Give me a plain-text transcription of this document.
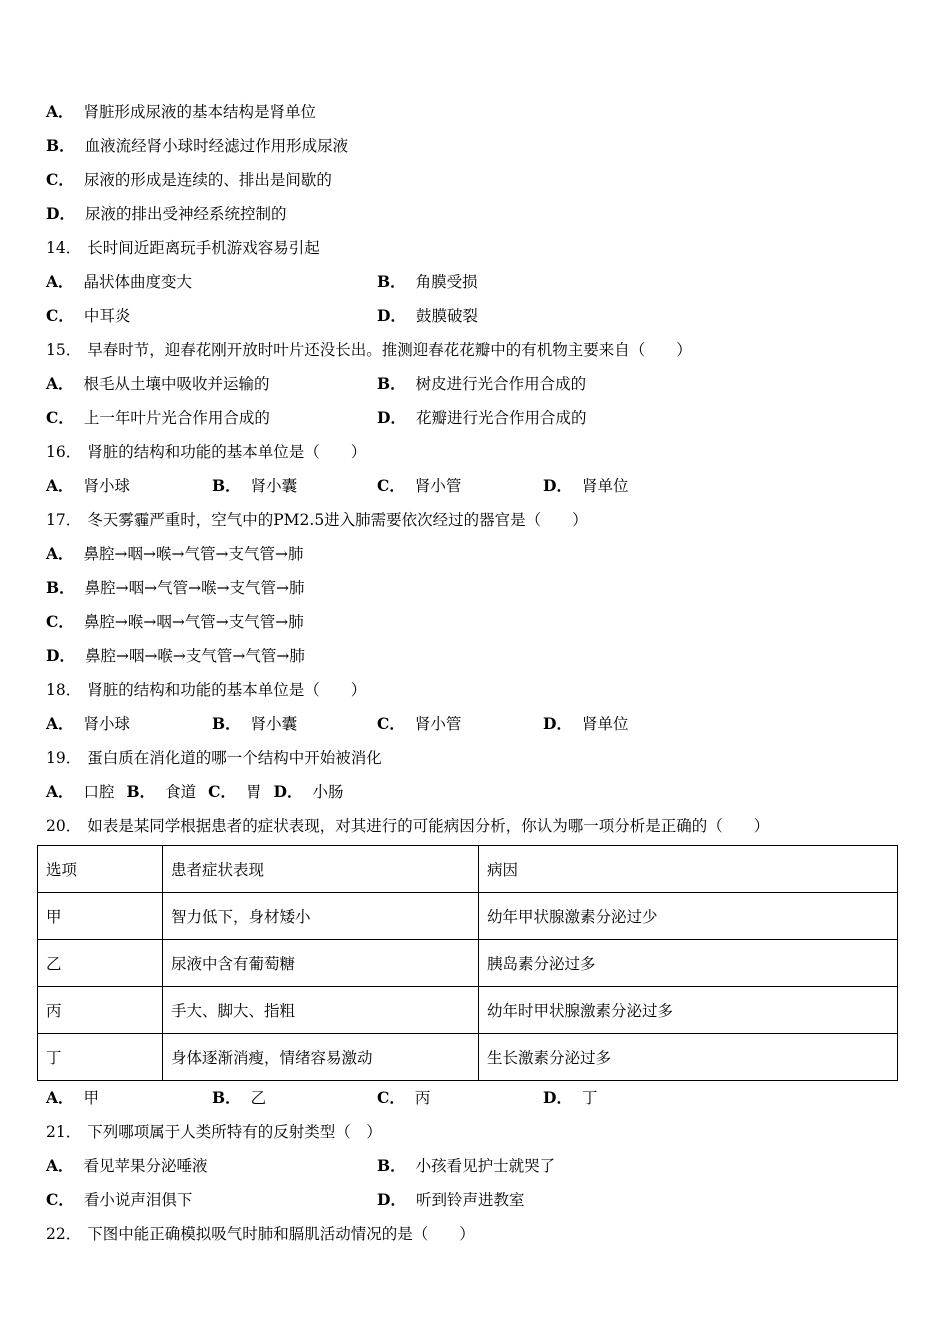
A． 肾脏形成尿液的基本结构是肾单位
B． 血液流经肾小球时经滤过作用形成尿液
C． 尿液的形成是连续的、排出是间歇的
D． 尿液的排出受神经系统控制的
14． 长时间近距离玩手机游戏容易引起
A． 晶状体曲度变大	B． 角膜受损
C． 中耳炎	D． 鼓膜破裂
15． 早春时节，迎春花刚开放时叶片还没长出。推测迎春花花瓣中的有机物主要来自（　　）
A． 根毛从土壤中吸收并运输的	B． 树皮进行光合作用合成的
C． 上一年叶片光合作用合成的	D． 花瓣进行光合作用合成的
16． 肾脏的结构和功能的基本单位是（　　）
A． 肾小球	B． 肾小囊	C． 肾小管	D． 肾单位
17． 冬天雾霾严重时，空气中的PM2.5进入肺需要依次经过的器官是（　　）
A． 鼻腔→咽→喉→气管→支气管→肺
B． 鼻腔→咽→气管→喉→支气管→肺
C． 鼻腔→喉→咽→气管→支气管→肺
D． 鼻腔→咽→喉→支气管→气管→肺
18． 肾脏的结构和功能的基本单位是（　　）
A． 肾小球	B． 肾小囊	C． 肾小管	D． 肾单位
19． 蛋白质在消化道的哪一个结构中开始被消化
A． 口腔 B． 食道 C． 胃 D． 小肠
20． 如表是某同学根据患者的症状表现，对其进行的可能病因分析，你认为哪一项分析是正确的（　　）
选项	患者症状表现	病因
甲	智力低下，身材矮小	幼年甲状腺激素分泌过少
乙	尿液中含有葡萄糖	胰岛素分泌过多
丙	手大、脚大、指粗	幼年时甲状腺激素分泌过多
丁	身体逐渐消瘦，情绪容易激动	生长激素分泌过多
A． 甲	B． 乙	C． 丙	D． 丁
21． 下列哪项属于人类所特有的反射类型（　）
A． 看见苹果分泌唾液	B． 小孩看见护士就哭了
C． 看小说声泪俱下	D． 听到铃声进教室
22． 下图中能正确模拟吸气时肺和膈肌活动情况的是（　　）
